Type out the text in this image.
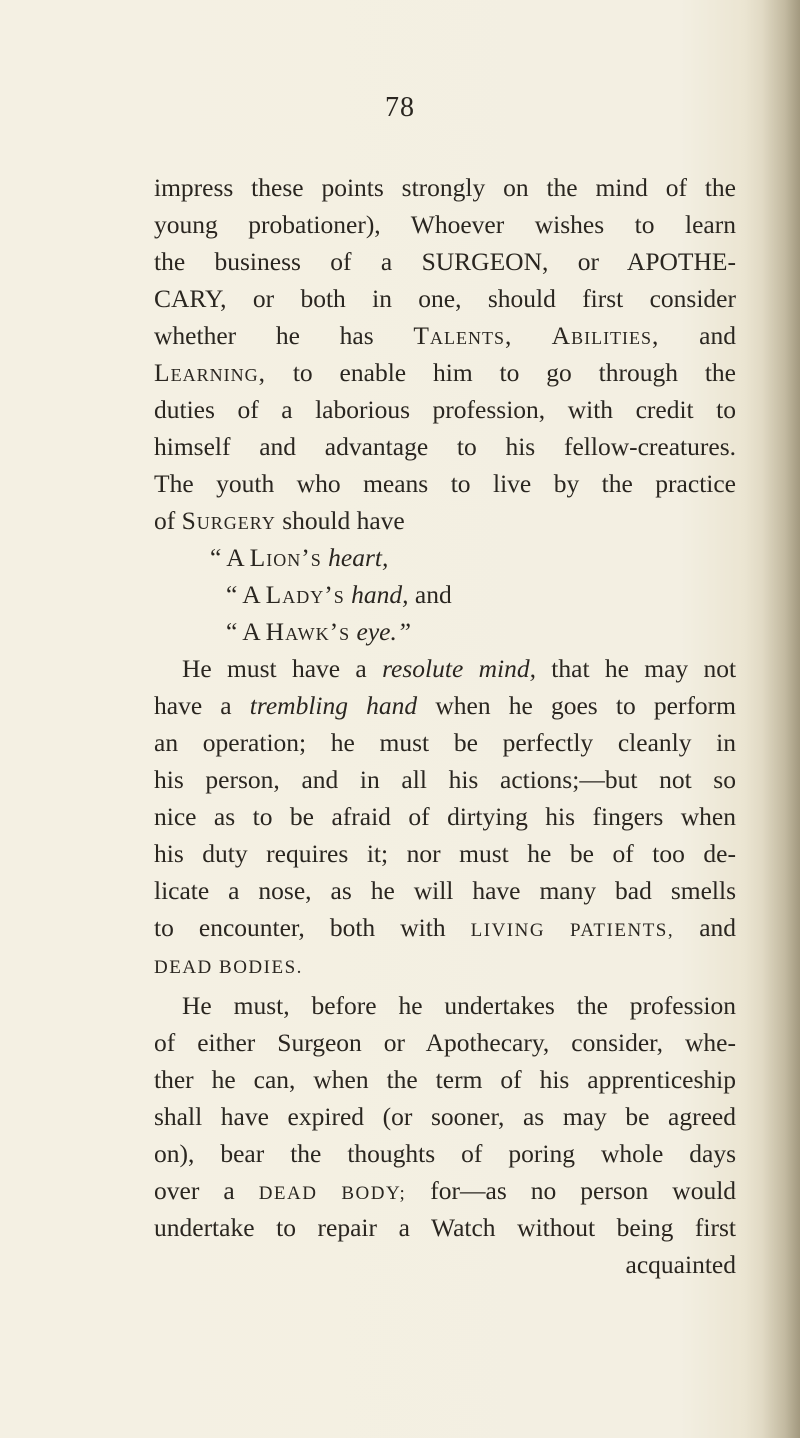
78
impress these points strongly on the mind of the
young probationer), Whoever wishes to learn
the business of a SURGEON, or APOTHE-
CARY, or both in one, should first consider
whether he has Talents, Abilities, and
Learning, to enable him to go through the
duties of a laborious profession, with credit to
himself and advantage to his fellow-creatures.
The youth who means to live by the practice
of Surgery should have
“ A Lion’s heart,
“ A Lady’s hand, and
“ A Hawk’s eye.”
He must have a resolute mind, that he may not
have a trembling hand when he goes to perform
an operation; he must be perfectly cleanly in
his person, and in all his actions;—but not so
nice as to be afraid of dirtying his fingers when
his duty requires it; nor must he be of too de-
licate a nose, as he will have many bad smells
to encounter, both with LIVING PATIENTS, and
DEAD BODIES.
He must, before he undertakes the profession
of either Surgeon or Apothecary, consider, whe-
ther he can, when the term of his apprenticeship
shall have expired (or sooner, as may be agreed
on), bear the thoughts of poring whole days
over a DEAD BODY; for—as no person would
undertake to repair a Watch without being first
acquainted
